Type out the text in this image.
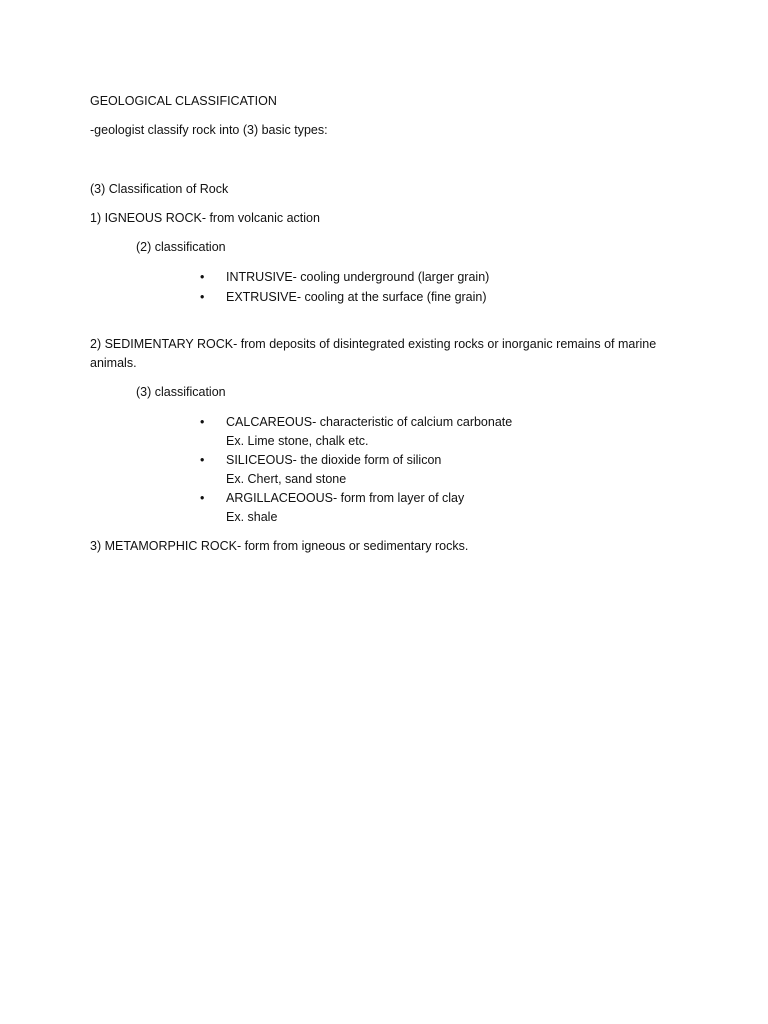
GEOLOGICAL CLASSIFICATION
-geologist classify rock into (3) basic types:
(3) Classification of Rock
1) IGNEOUS ROCK- from volcanic action
(2) classification
•	INTRUSIVE- cooling underground (larger grain)
•	EXTRUSIVE- cooling at the surface (fine grain)
2) SEDIMENTARY ROCK- from deposits of disintegrated existing rocks or inorganic remains of marine animals.
(3) classification
•	CALCAREOUS- characteristic of calcium carbonate
Ex. Lime stone, chalk etc.
•	SILICEOUS- the dioxide form of silicon
Ex. Chert, sand stone
•	ARGILLACEOOUS- form from layer of clay
Ex. shale
3) METAMORPHIC ROCK- form from igneous or sedimentary rocks.
